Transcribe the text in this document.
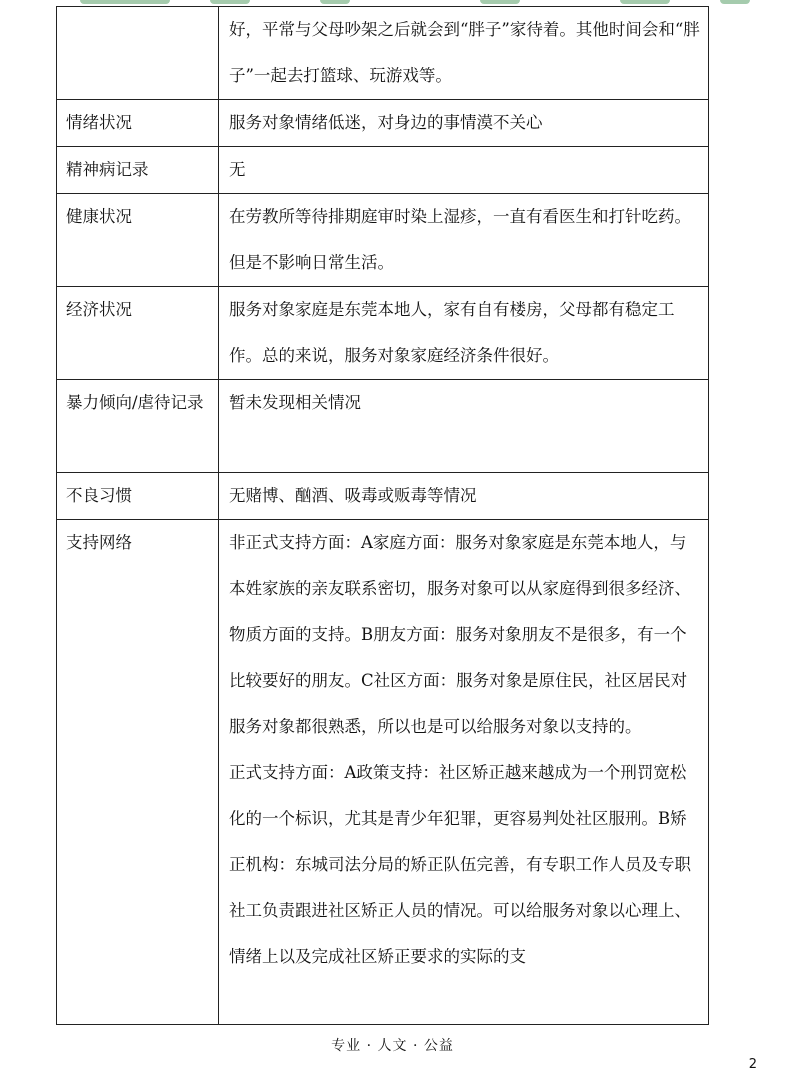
	好，平常与父母吵架之后就会到“胖子”家待着。其他时间会和“胖子”一起去打篮球、玩游戏等。

情绪状况	服务对象情绪低迷，对身边的事情漠不关心

精神病记录	无

健康状况	在劳教所等待排期庭审时染上湿疹，一直有看医生和打针吃药。但是不影响日常生活。

经济状况	服务对象家庭是东莞本地人，家有自有楼房，父母都有稳定工作。总的来说，服务对象家庭经济条件很好。

暴力倾向/虐待记录	暂未发现相关情况

不良习惯	无赌博、酗酒、吸毒或贩毒等情况

支持网络	非正式支持方面：A家庭方面：服务对象家庭是东莞本地人，与本姓家族的亲友联系密切，服务对象可以从家庭得到很多经济、物质方面的支持。B朋友方面：服务对象朋友不是很多，有一个比较要好的朋友。C社区方面：服务对象是原住民，社区居民对服务对象都很熟悉，所以也是可以给服务对象以支持的。
正式支持方面：A政策支持：社区矫正越来越成为一个刑罚宽松化的一个标识，尤其是青少年犯罪，更容易判处社区服刑。B矫正机构：东城司法分局的矫正队伍完善，有专职工作人员及专职社工负责跟进社区矫正人员的情况。可以给服务对象以心理上、情绪上以及完成社区矫正要求的实际的支
专业 · 人文 · 公益
2
